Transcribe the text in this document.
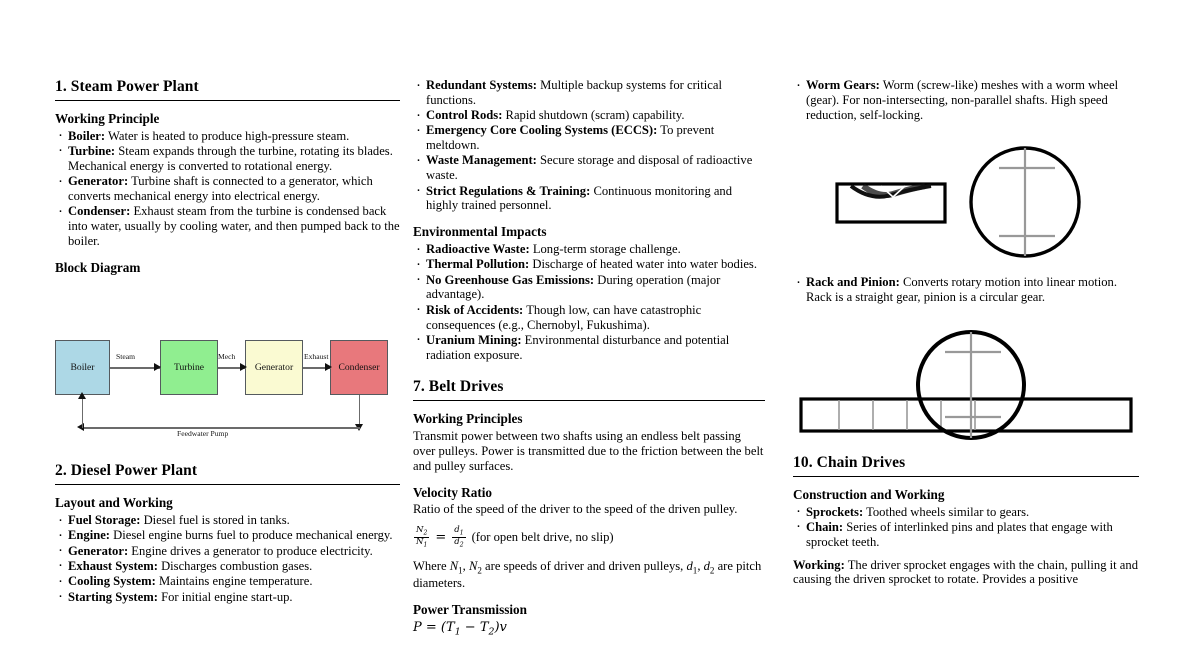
1. Steam Power Plant
Working Principle
· Boiler: Water is heated to produce high-pressure steam.
· Turbine: Steam expands through the turbine, rotating its blades. Mechanical energy is converted to rotational energy.
· Generator: Turbine shaft is connected to a generator, which converts mechanical energy into electrical energy.
· Condenser: Exhaust steam from the turbine is condensed back into water, usually by cooling water, and then pumped back to the boiler.
Block Diagram
Boiler	Turbine	Generator	Condenser
Steam	Mech	Exhaust
Feedwater Pump
2. Diesel Power Plant
Layout and Working
· Fuel Storage: Diesel fuel is stored in tanks.
· Engine: Diesel engine burns fuel to produce mechanical energy.
· Generator: Engine drives a generator to produce electricity.
· Exhaust System: Discharges combustion gases.
· Cooling System: Maintains engine temperature.
· Starting System: For initial engine start-up.
· Redundant Systems: Multiple backup systems for critical functions.
· Control Rods: Rapid shutdown (scram) capability.
· Emergency Core Cooling Systems (ECCS): To prevent meltdown.
· Waste Management: Secure storage and disposal of radioactive waste.
· Strict Regulations & Training: Continuous monitoring and highly trained personnel.
Environmental Impacts
· Radioactive Waste: Long-term storage challenge.
· Thermal Pollution: Discharge of heated water into water bodies.
· No Greenhouse Gas Emissions: During operation (major advantage).
· Risk of Accidents: Though low, can have catastrophic consequences (e.g., Chernobyl, Fukushima).
· Uranium Mining: Environmental disturbance and potential radiation exposure.
7. Belt Drives
Working Principles

Transmit power between two shafts using an endless belt passing over pulleys. Power is transmitted due to the friction between the belt and pulley surfaces.

Velocity Ratio

Ratio of the speed of the driver to the speed of the driven pulley.

$\frac{N_2}{N_1} = \frac{d_1}{d_2} (for$ open belt drive, no slip)

Where $N_1$, $N_2$ are speeds of driver and driven pulleys, $d_1$, $d_2$ are pitch diameters.

Power Transmission
$P = (T_1 - T_2)v$
· Worm Gears: Worm (screw-like) meshes with a worm wheel (gear). For non-intersecting, non-parallel shafts. High speed reduction, self-locking.
· Rack and Pinion: Converts rotary motion into linear motion. Rack is a straight gear, pinion is a circular gear.
10. Chain Drives
Construction and Working
· Sprockets: Toothed wheels similar to gears.
· Chain: Series of interlinked pins and plates that engage with sprocket teeth.

Working: The driver sprocket engages with the chain, pulling it and causing the driven sprocket to rotate. Provides a positive
